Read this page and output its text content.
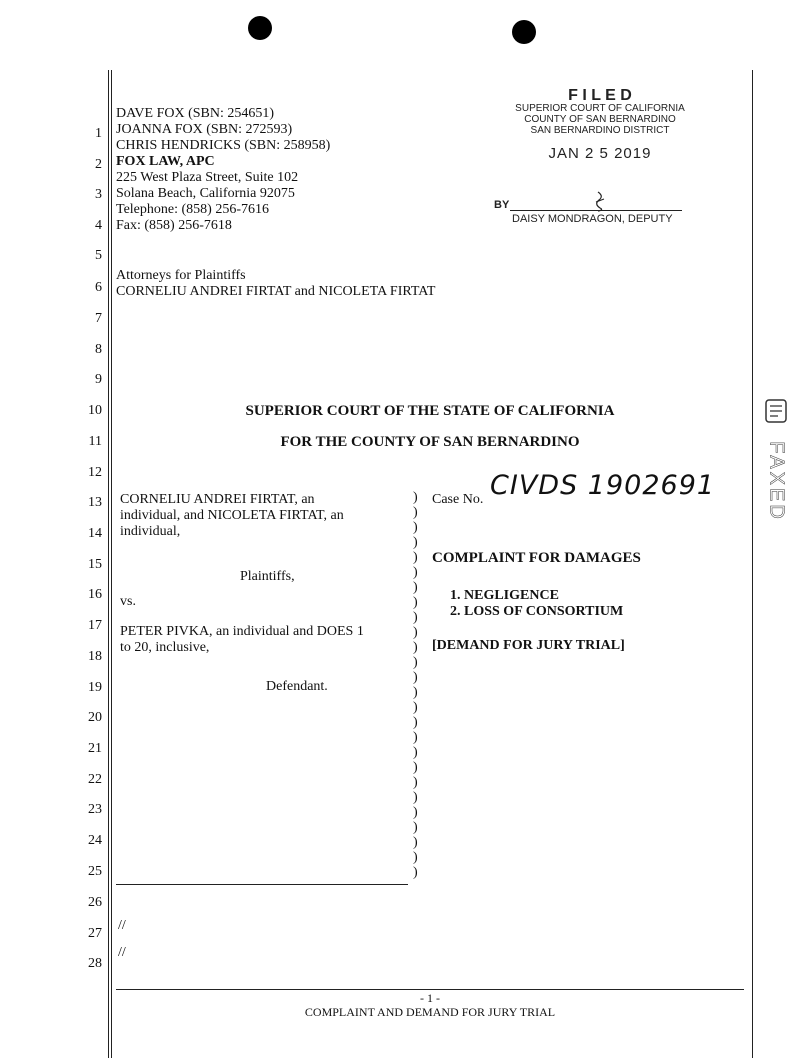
1
2
3
4
5
6
7
8
9
10
11
12
13
14
15
16
17
18
19
20
21
22
23
24
25
26
27
28
DAVE FOX (SBN: 254651)
JOANNA FOX (SBN: 272593)
CHRIS HENDRICKS (SBN: 258958)
FOX LAW, APC
225 West Plaza Street, Suite 102
Solana Beach, California 92075
Telephone: (858) 256-7616
Fax: (858) 256-7618
Attorneys for Plaintiffs
CORNELIU ANDREI FIRTAT and NICOLETA FIRTAT
F I L E D
SUPERIOR COURT OF CALIFORNIA
COUNTY OF SAN BERNARDINO
SAN BERNARDINO DISTRICT
JAN 2 5 2019
BY
DAISY MONDRAGON, DEPUTY
SUPERIOR COURT OF THE STATE OF CALIFORNIA
FOR THE COUNTY OF SAN BERNARDINO
CORNELIU ANDREI FIRTAT, an
individual, and NICOLETA FIRTAT, an
individual,
Plaintiffs,
vs.
PETER PIVKA, an individual and DOES 1
to 20, inclusive,
Defendant.
)
)
)
)
)
)
)
)
)
)
)
)
)
)
)
)
)
)
)
)
)
)
)
)
)
)
Case No. CIVDS 1902691
COMPLAINT FOR DAMAGES
1. NEGLIGENCE
2. LOSS OF CONSORTIUM
[DEMAND FOR JURY TRIAL]
//
//
- 1 -
COMPLAINT AND DEMAND FOR JURY TRIAL
FAXED
